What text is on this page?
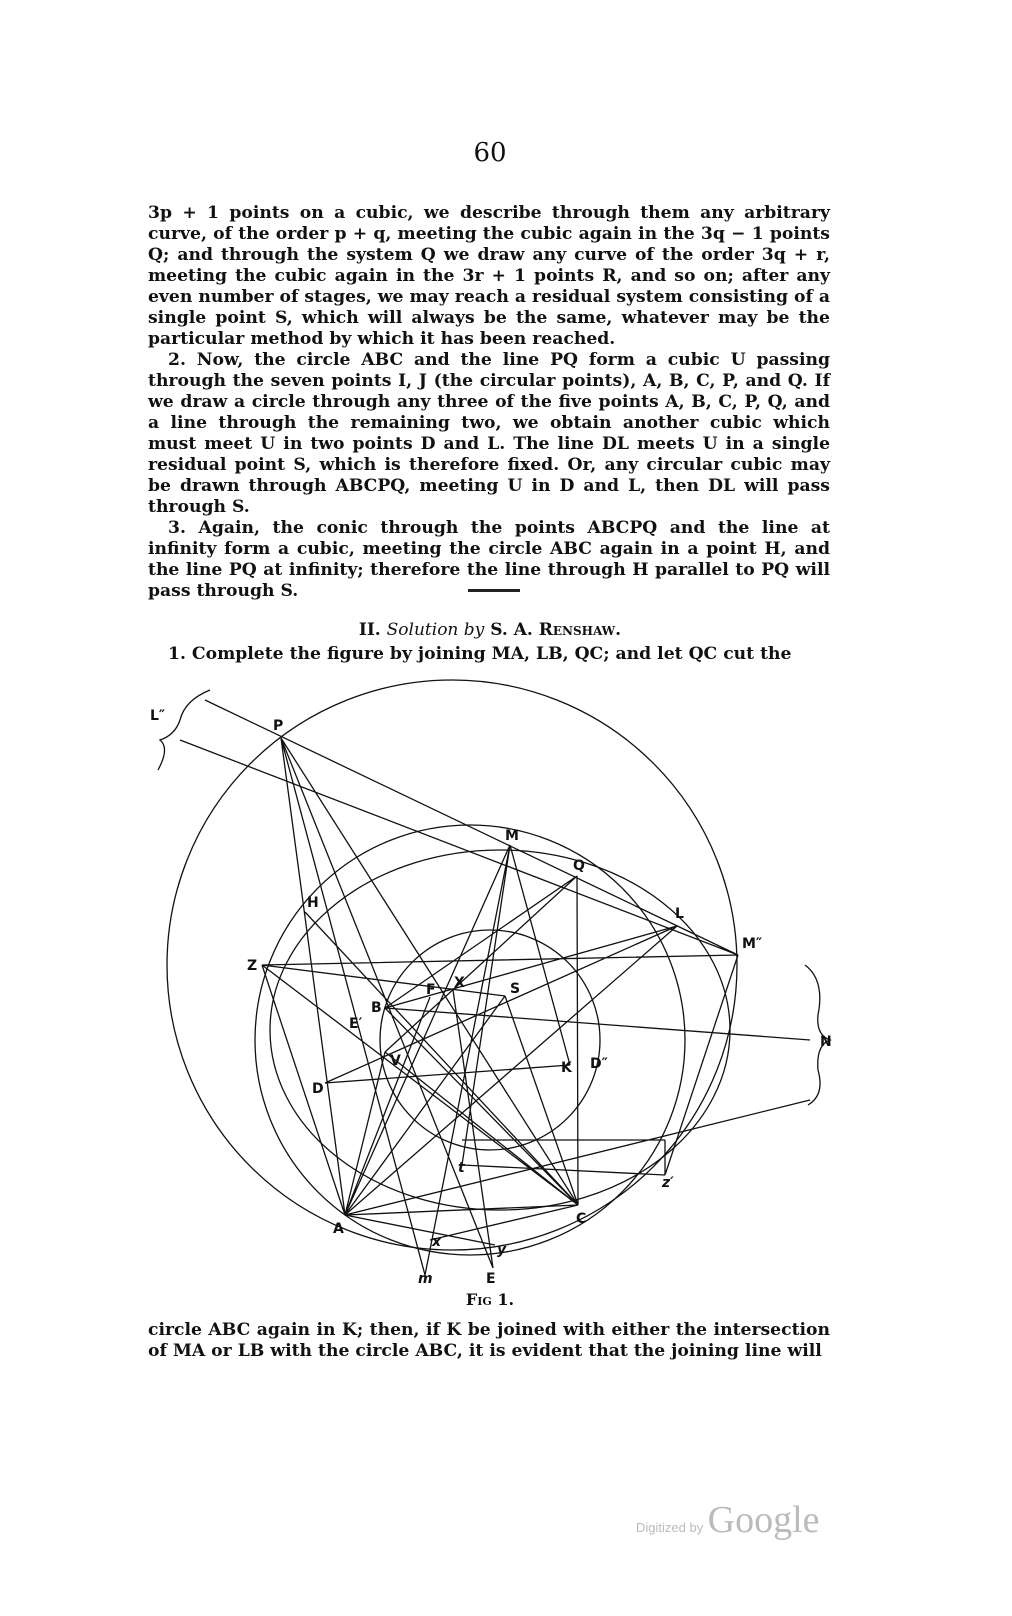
60

3p + 1 points on a cubic, we describe through them any arbitrary curve, of the order p + q, meeting the cubic again in the 3q − 1 points Q; and through the system Q we draw any curve of the order 3q + r, meeting the cubic again in the 3r + 1 points R, and so on; after any even number of stages, we may reach a residual system consisting of a single point S, which will always be the same, whatever may be the particular method by which it has been reached.

2. Now, the circle ABC and the line PQ form a cubic U passing through the seven points I, J (the circular points), A, B, C, P, and Q. If we draw a circle through any three of the five points A, B, C, P, Q, and a line through the remaining two, we obtain another cubic which must meet U in two points D and L. The line DL meets U in a single residual point S, which is therefore fixed. Or, any circular cubic may be drawn through ABCPQ, meeting U in D and L, then DL will pass through S.

3. Again, the conic through the points ABCPQ and the line at infinity form a cubic, meeting the circle ABC again in a point H, and the line PQ at infinity; therefore the line through H parallel to PQ will pass through S.

II. Solution by S. A. Renshaw.
1. Complete the figure by joining MA, LB, QC; and let QC cut the
L″
P
M
Q
L
M″
H
Z
B
E′
F X	S
V	K D″
D
N
t
z′
A
C
x	y
m	E
Fig 1.
circle ABC again in K; then, if K be joined with either the intersection of MA or LB with the circle ABC, it is evident that the joining line will
Digitized by Google
